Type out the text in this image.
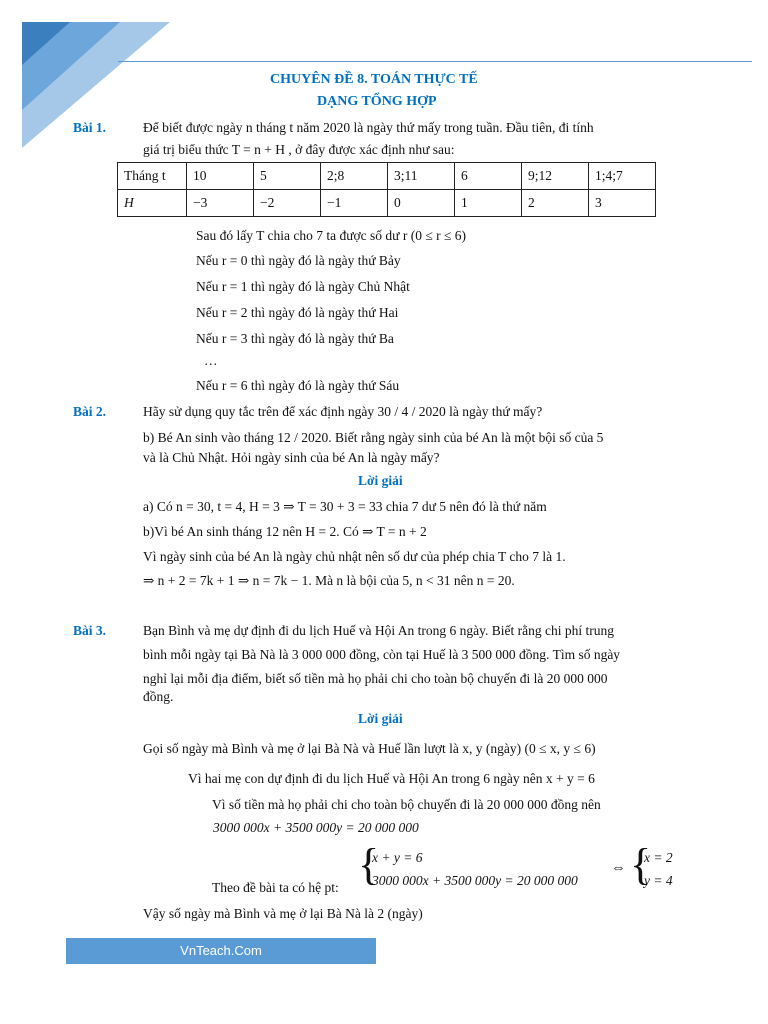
CHUYÊN ĐỀ 8. TOÁN THỰC TẾ
DẠNG TỔNG HỢP
Bài 1.	Để biết được ngày n tháng t năm 2020 là ngày thứ mấy trong tuần. Đầu tiên, đi tính
giá trị biểu thức T = n + H , ở đây được xác định như sau:
Tháng t	10	5	2;8	3;11	6	9;12	1;4;7
H	−3	−2	−1	0	1	2	3
Sau đó lấy T chia cho 7 ta được số dư r (0 ≤ r ≤ 6)
Nếu r = 0 thì ngày đó là ngày thứ Bảy
Nếu r = 1 thì ngày đó là ngày Chủ Nhật
Nếu r = 2 thì ngày đó là ngày thứ Hai
Nếu r = 3 thì ngày đó là ngày thứ Ba
…
Nếu r = 6 thì ngày đó là ngày thứ Sáu
Bài 2.	Hãy sử dụng quy tắc trên để xác định ngày 30 / 4 / 2020 là ngày thứ mấy?
b) Bé An sinh vào tháng 12 / 2020. Biết rằng ngày sinh của bé An là một bội số của 5
và là Chủ Nhật. Hỏi ngày sinh của bé An là ngày mấy?
Lời giải
a) Có n = 30, t = 4, H = 3 ⇒ T = 30 + 3 = 33 chia 7 dư 5 nên đó là thứ năm
b)Vì bé An sinh tháng 12 nên H = 2. Có ⇒ T = n + 2
Vì ngày sinh của bé An là ngày chủ nhật nên số dư của phép chia T cho 7 là 1.
⇒ n + 2 = 7k + 1 ⇒ n = 7k − 1. Mà n là bội của 5, n < 31 nên n = 20.
Bài 3.	Bạn Bình và mẹ dự định đi du lịch Huế và Hội An trong 6 ngày. Biết rằng chi phí trung
bình mỗi ngày tại Bà Nà là 3 000 000 đồng, còn tại Huế là 3 500 000 đồng. Tìm số ngày
nghỉ lại mỗi địa điểm, biết số tiền mà họ phải chi cho toàn bộ chuyến đi là 20 000 000
đồng.
Lời giải
Gọi số ngày mà Bình và mẹ ở lại Bà Nà và Huế lần lượt là x, y (ngày) (0 ≤ x, y ≤ 6)
Vì hai mẹ con dự định đi du lịch Huế và Hội An trong 6 ngày nên x + y = 6
Vì số tiền mà họ phải chi cho toàn bộ chuyến đi là 20 000 000 đồng nên
3000 000x + 3500 000y = 20 000 000
Theo đề bài ta có hệ pt: {
x + y = 6
3000 000x + 3500 000y = 20 000 000
⇔ {
x = 2
y = 4
Vậy số ngày mà Bình và mẹ ở lại Bà Nà là 2 (ngày)
VnTeach.Com
